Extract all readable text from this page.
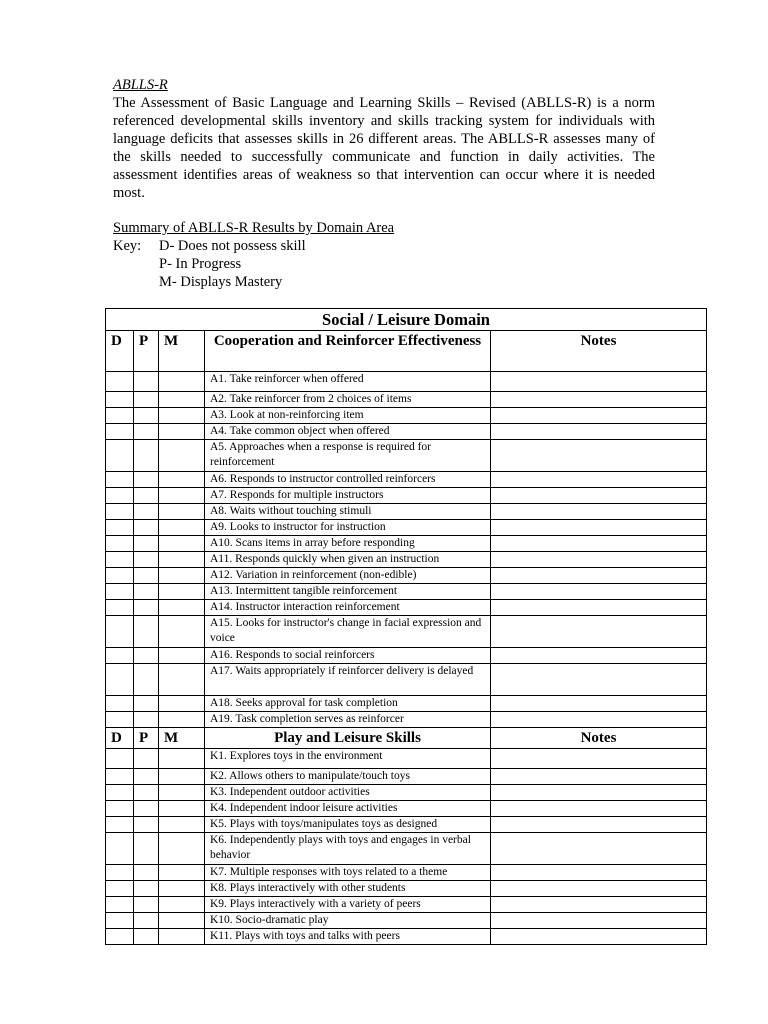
ABLLS-R

The Assessment of Basic Language and Learning Skills – Revised (ABLLS-R) is a norm referenced developmental skills inventory and skills tracking system for individuals with language deficits that assesses skills in 26 different areas. The ABLLS-R assesses many of the skills needed to successfully communicate and function in daily activities. The assessment identifies areas of weakness so that intervention can occur where it is needed most.

Summary of ABLLS-R Results by Domain Area
Key: D- Does not possess skill
P- In Progress
M- Displays Mastery
Social / Leisure Domain				
D	P	M	Cooperation and Reinforcer Effectiveness	Notes
			A1. Take reinforcer when offered	
			A2. Take reinforcer from 2 choices of items	
			A3. Look at non-reinforcing item	
			A4. Take common object when offered	
			A5. Approaches when a response is required for reinforcement	
			A6. Responds to instructor controlled reinforcers	
			A7. Responds for multiple instructors	
			A8. Waits without touching stimuli	
			A9. Looks to instructor for instruction	
			A10. Scans items in array before responding	
			A11. Responds quickly when given an instruction	
			A12. Variation in reinforcement (non-edible)	
			A13. Intermittent tangible reinforcement	
			A14. Instructor interaction reinforcement	
			A15. Looks for instructor's change in facial expression and voice	
			A16. Responds to social reinforcers	
			A17. Waits appropriately if reinforcer delivery is delayed	
			A18. Seeks approval for task completion	
			A19. Task completion serves as reinforcer	
D	P	M	Play and Leisure Skills	Notes
			K1. Explores toys in the environment	
			K2. Allows others to manipulate/touch toys	
			K3. Independent outdoor activities	
			K4. Independent indoor leisure activities	
			K5. Plays with toys/manipulates toys as designed	
			K6. Independently plays with toys and engages in verbal behavior	
			K7. Multiple responses with toys related to a theme	
			K8. Plays interactively with other students	
			K9. Plays interactively with a variety of peers	
			K10. Socio-dramatic play	
			K11. Plays with toys and talks with peers	
